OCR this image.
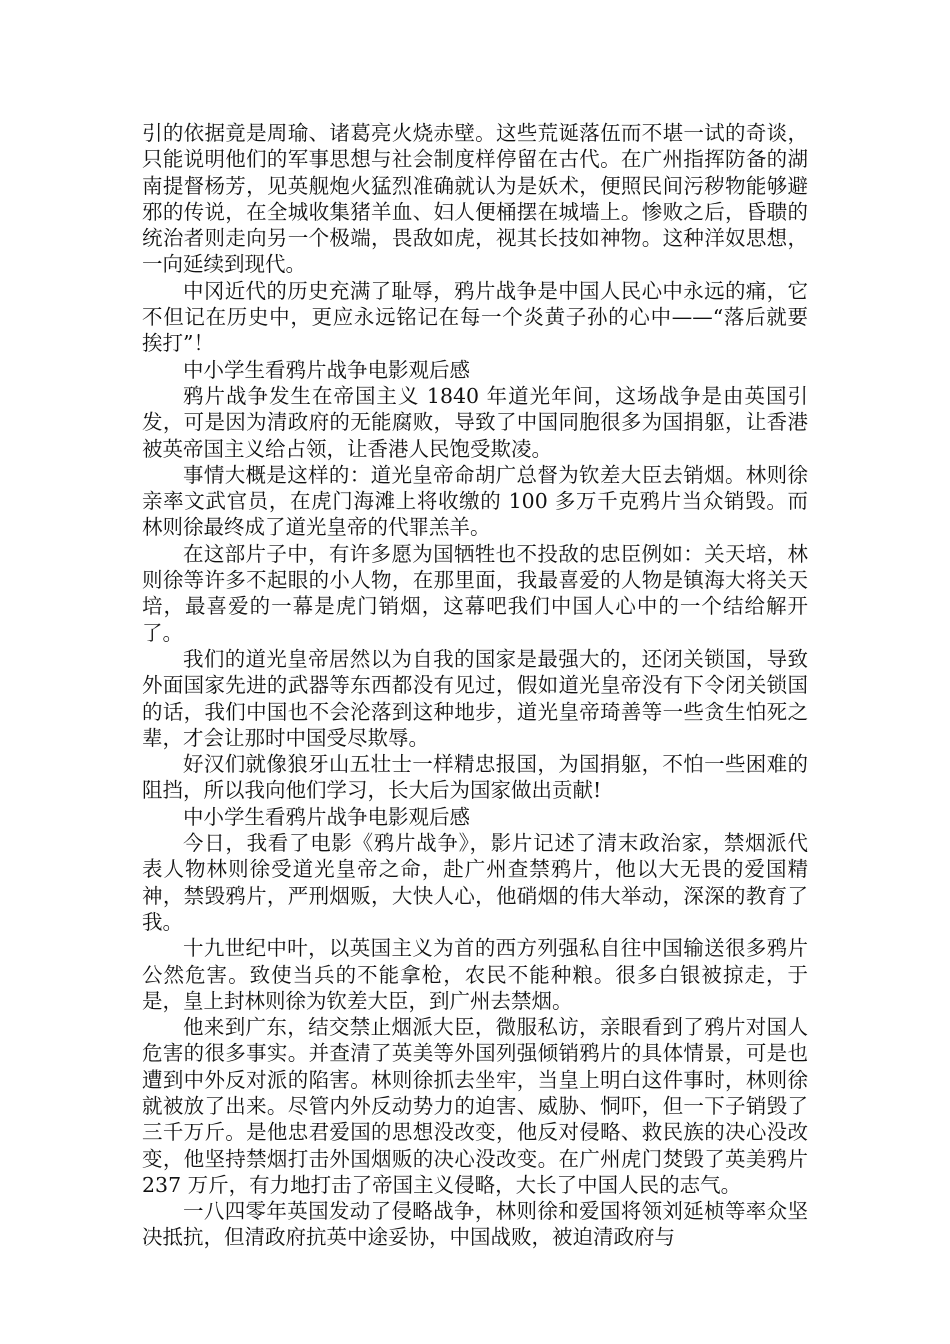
引的依据竟是周瑜、诸葛亮火烧赤壁。这些荒诞落伍而不堪一试的奇谈，只能说明他们的军事思想与社会制度样停留在古代。在广州指挥防备的湖南提督杨芳，见英舰炮火猛烈准确就认为是妖术，便照民间污秽物能够避邪的传说，在全城收集猪羊血、妇人便桶摆在城墙上。惨败之后，昏聩的统治者则走向另一个极端，畏敌如虎，视其长技如神物。这种洋奴思想，一向延续到现代。

中冈近代的历史充满了耻辱，鸦片战争是中国人民心中永远的痛，它不但记在历史中，更应永远铭记在每一个炎黄子孙的心中——“落后就要挨打”！

中小学生看鸦片战争电影观后感

鸦片战争发生在帝国主义 1840 年道光年间，这场战争是由英国引发，可是因为清政府的无能腐败，导致了中国同胞很多为国捐躯，让香港被英帝国主义给占领，让香港人民饱受欺凌。

事情大概是这样的：道光皇帝命胡广总督为钦差大臣去销烟。林则徐亲率文武官员，在虎门海滩上将收缴的 100 多万千克鸦片当众销毁。而林则徐最终成了道光皇帝的代罪羔羊。

在这部片子中，有许多愿为国牺牲也不投敌的忠臣例如：关天培，林则徐等许多不起眼的小人物，在那里面，我最喜爱的人物是镇海大将关天培，最喜爱的一幕是虎门销烟，这幕吧我们中国人心中的一个结给解开了。

我们的道光皇帝居然以为自我的国家是最强大的，还闭关锁国，导致外面国家先进的武器等东西都没有见过，假如道光皇帝没有下令闭关锁国的话，我们中国也不会沦落到这种地步，道光皇帝琦善等一些贪生怕死之辈，才会让那时中国受尽欺辱。

好汉们就像狼牙山五壮士一样精忠报国，为国捐躯，不怕一些困难的阻挡，所以我向他们学习，长大后为国家做出贡献!

中小学生看鸦片战争电影观后感

今日，我看了电影《鸦片战争》，影片记述了清末政治家，禁烟派代表人物林则徐受道光皇帝之命，赴广州查禁鸦片，他以大无畏的爱国精神，禁毁鸦片，严刑烟贩，大快人心，他硝烟的伟大举动，深深的教育了我。

十九世纪中叶，以英国主义为首的西方列强私自往中国输送很多鸦片公然危害。致使当兵的不能拿枪，农民不能种粮。很多白银被掠走，于是，皇上封林则徐为钦差大臣，到广州去禁烟。

他来到广东，结交禁止烟派大臣，微服私访，亲眼看到了鸦片对国人危害的很多事实。并查清了英美等外国列强倾销鸦片的具体情景，可是也遭到中外反对派的陷害。林则徐抓去坐牢，当皇上明白这件事时，林则徐就被放了出来。尽管内外反动势力的迫害、威胁、恫吓，但一下子销毁了三千万斤。是他忠君爱国的思想没改变，他反对侵略、救民族的决心没改变，他坚持禁烟打击外国烟贩的决心没改变。在广州虎门焚毁了英美鸦片 237 万斤，有力地打击了帝国主义侵略，大长了中国人民的志气。

一八四零年英国发动了侵略战争，林则徐和爱国将领刘延桢等率众坚决抵抗，但清政府抗英中途妥协，中国战败，被迫清政府与
